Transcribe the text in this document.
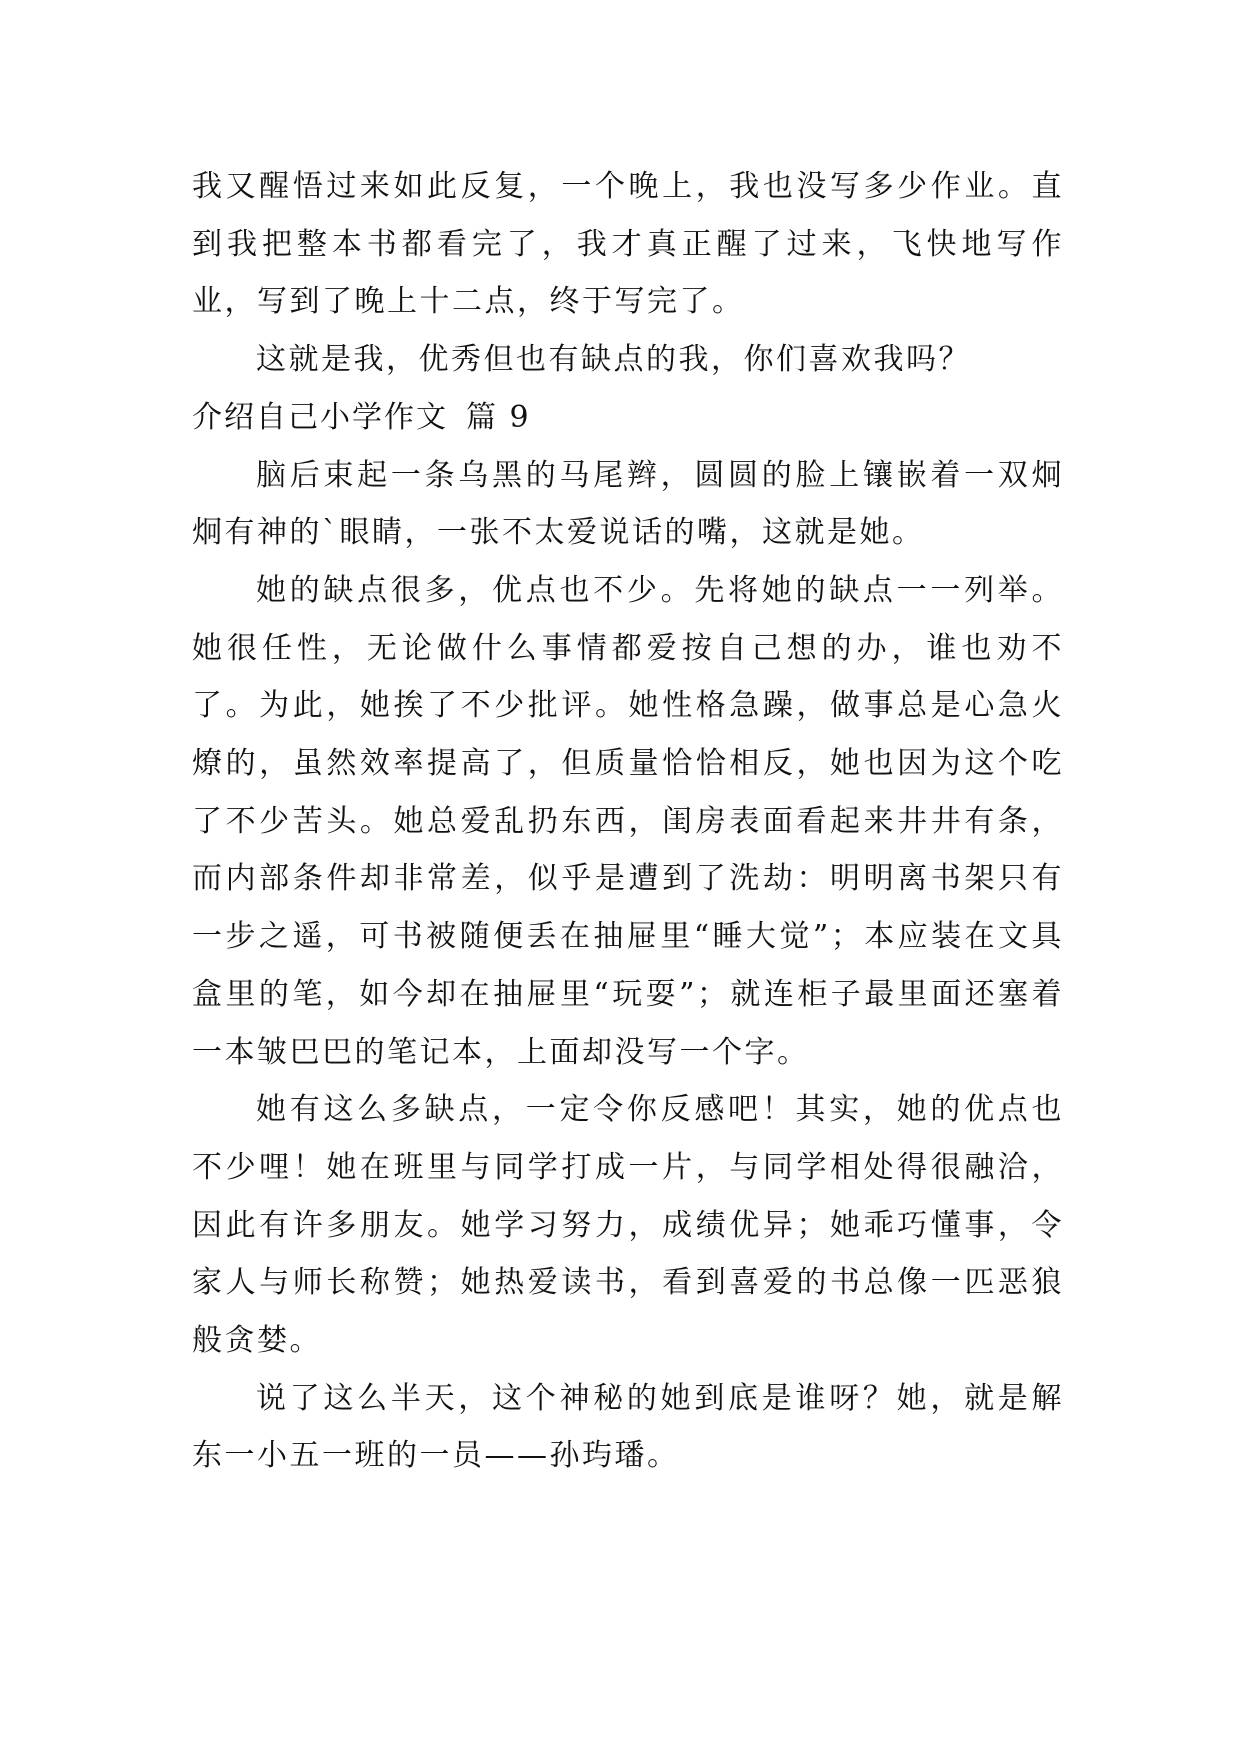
我又醒悟过来如此反复，一个晚上，我也没写多少作业。直到我把整本书都看完了，我才真正醒了过来，飞快地写作业，写到了晚上十二点，终于写完了。

这就是我，优秀但也有缺点的我，你们喜欢我吗？

介绍自己小学作文 篇 9

脑后束起一条乌黑的马尾辫，圆圆的脸上镶嵌着一双炯炯有神的`眼睛，一张不太爱说话的嘴，这就是她。

她的缺点很多，优点也不少。先将她的缺点一一列举。她很任性，无论做什么事情都爱按自己想的办，谁也劝不了。为此，她挨了不少批评。她性格急躁，做事总是心急火燎的，虽然效率提高了，但质量恰恰相反，她也因为这个吃了不少苦头。她总爱乱扔东西，闺房表面看起来井井有条，而内部条件却非常差，似乎是遭到了洗劫：明明离书架只有一步之遥，可书被随便丢在抽屉里“睡大觉”；本应装在文具盒里的笔，如今却在抽屉里“玩耍”；就连柜子最里面还塞着一本皱巴巴的笔记本，上面却没写一个字。

她有这么多缺点，一定令你反感吧！其实，她的优点也不少哩！她在班里与同学打成一片，与同学相处得很融洽，因此有许多朋友。她学习努力，成绩优异；她乖巧懂事，令家人与师长称赞；她热爱读书，看到喜爱的书总像一匹恶狼般贪婪。

说了这么半天，这个神秘的她到底是谁呀？她，就是解东一小五一班的一员——孙玙璠。
